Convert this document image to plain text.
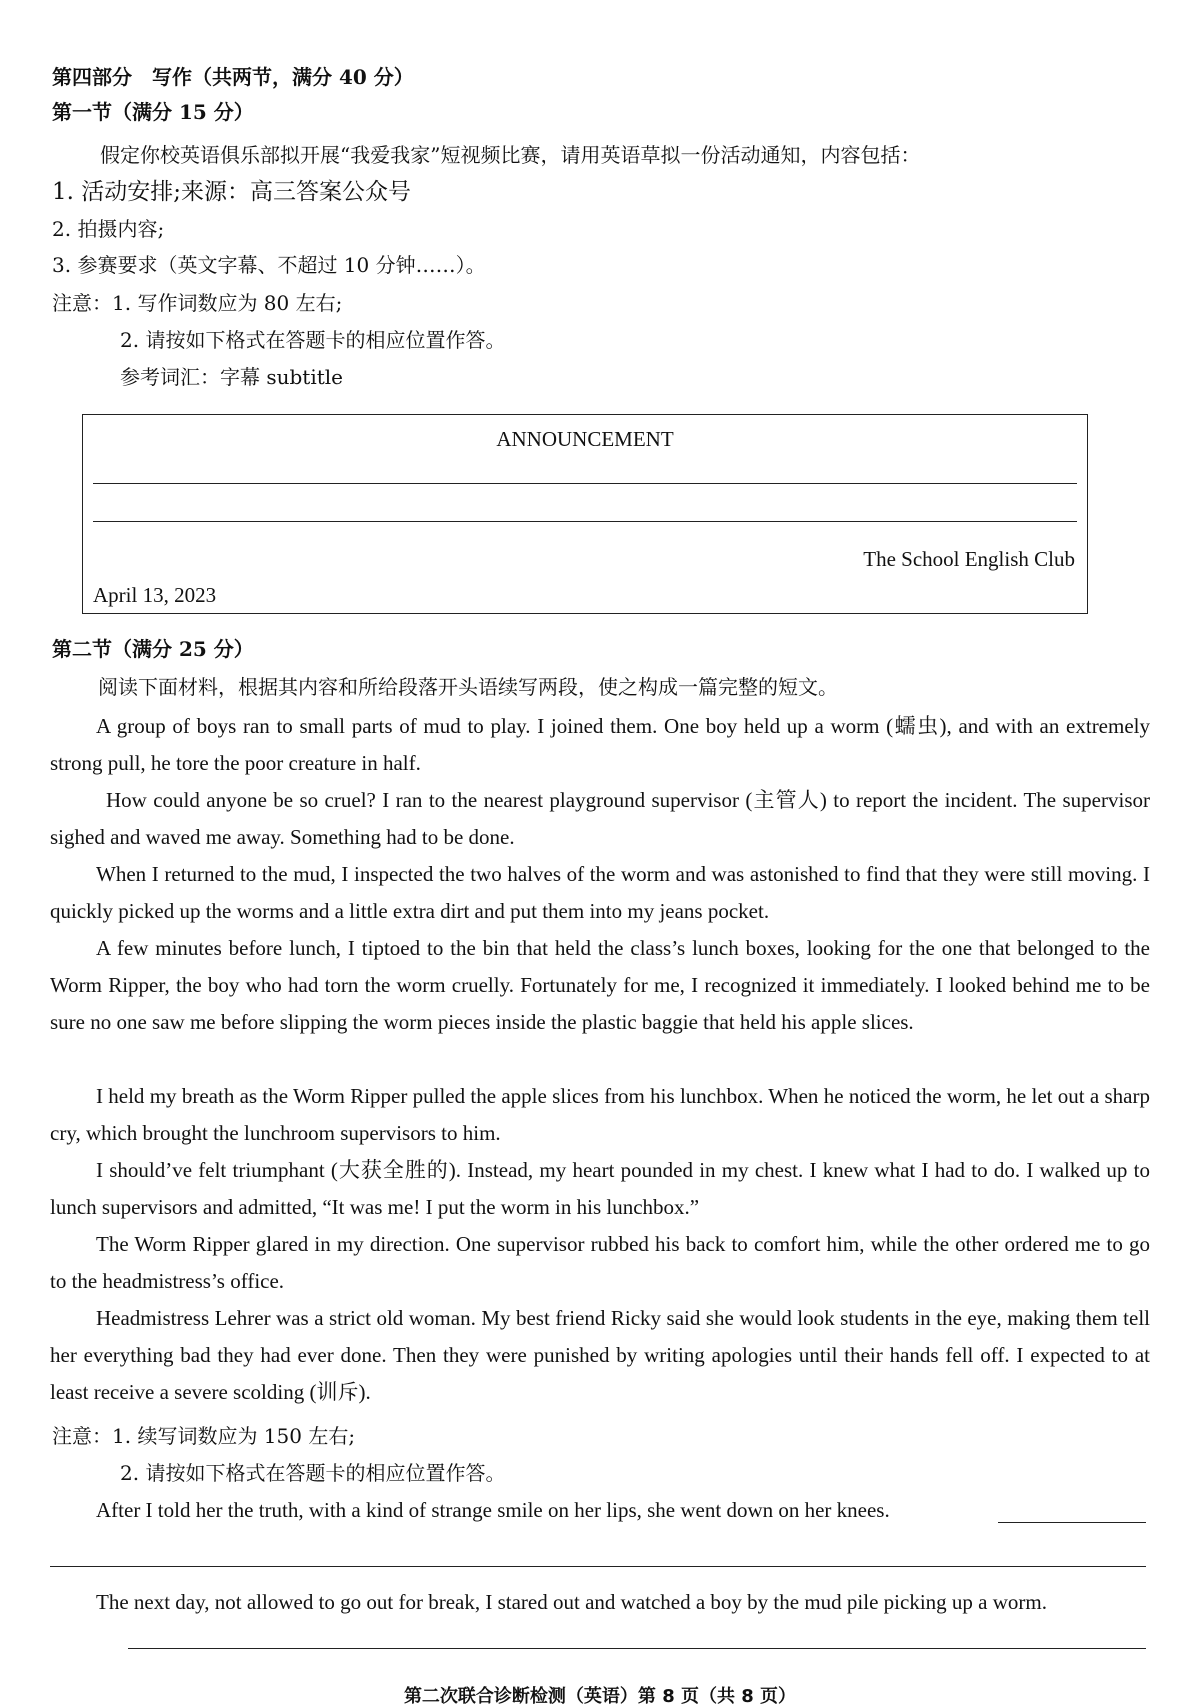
第四部分　写作（共两节，满分 40 分）
第一节（满分 15 分）
假定你校英语俱乐部拟开展“我爱我家”短视频比赛，请用英语草拟一份活动通知，内容包括：
1. 活动安排;来源：高三答案公众号
2. 拍摄内容;
3. 参赛要求（英文字幕、不超过 10 分钟……）。
注意：1. 写作词数应为 80 左右;
2. 请按如下格式在答题卡的相应位置作答。
参考词汇：字幕 subtitle
ANNOUNCEMENT
The School English Club
April 13, 2023
第二节（满分 25 分）
阅读下面材料，根据其内容和所给段落开头语续写两段，使之构成一篇完整的短文。
A group of boys ran to small parts of mud to play. I joined them. One boy held up a worm (蠕虫), and with an extremely strong pull, he tore the poor creature in half.
How could anyone be so cruel? I ran to the nearest playground supervisor (主管人) to report the incident. The supervisor sighed and waved me away. Something had to be done.
When I returned to the mud, I inspected the two halves of the worm and was astonished to find that they were still moving. I quickly picked up the worms and a little extra dirt and put them into my jeans pocket.
A few minutes before lunch, I tiptoed to the bin that held the class’s lunch boxes, looking for the one that belonged to the Worm Ripper, the boy who had torn the worm cruelly. Fortunately for me, I recognized it immediately. I looked behind me to be sure no one saw me before slipping the worm pieces inside the plastic baggie that held his apple slices.
I held my breath as the Worm Ripper pulled the apple slices from his lunchbox. When he noticed the worm, he let out a sharp cry, which brought the lunchroom supervisors to him.
I should’ve felt triumphant (大获全胜的). Instead, my heart pounded in my chest. I knew what I had to do. I walked up to lunch supervisors and admitted, “It was me! I put the worm in his lunchbox.”
The Worm Ripper glared in my direction. One supervisor rubbed his back to comfort him, while the other ordered me to go to the headmistress’s office.
Headmistress Lehrer was a strict old woman. My best friend Ricky said she would look students in the eye, making them tell her everything bad they had ever done. Then they were punished by writing apologies until their hands fell off. I expected to at least receive a severe scolding (训斥).
注意：1. 续写词数应为 150 左右;
2. 请按如下格式在答题卡的相应位置作答。
After I told her the truth, with a kind of strange smile on her lips, she went down on her knees.
The next day, not allowed to go out for break, I stared out and watched a boy by the mud pile picking up a worm.
第二次联合诊断检测（英语）第 8 页（共 8 页）
